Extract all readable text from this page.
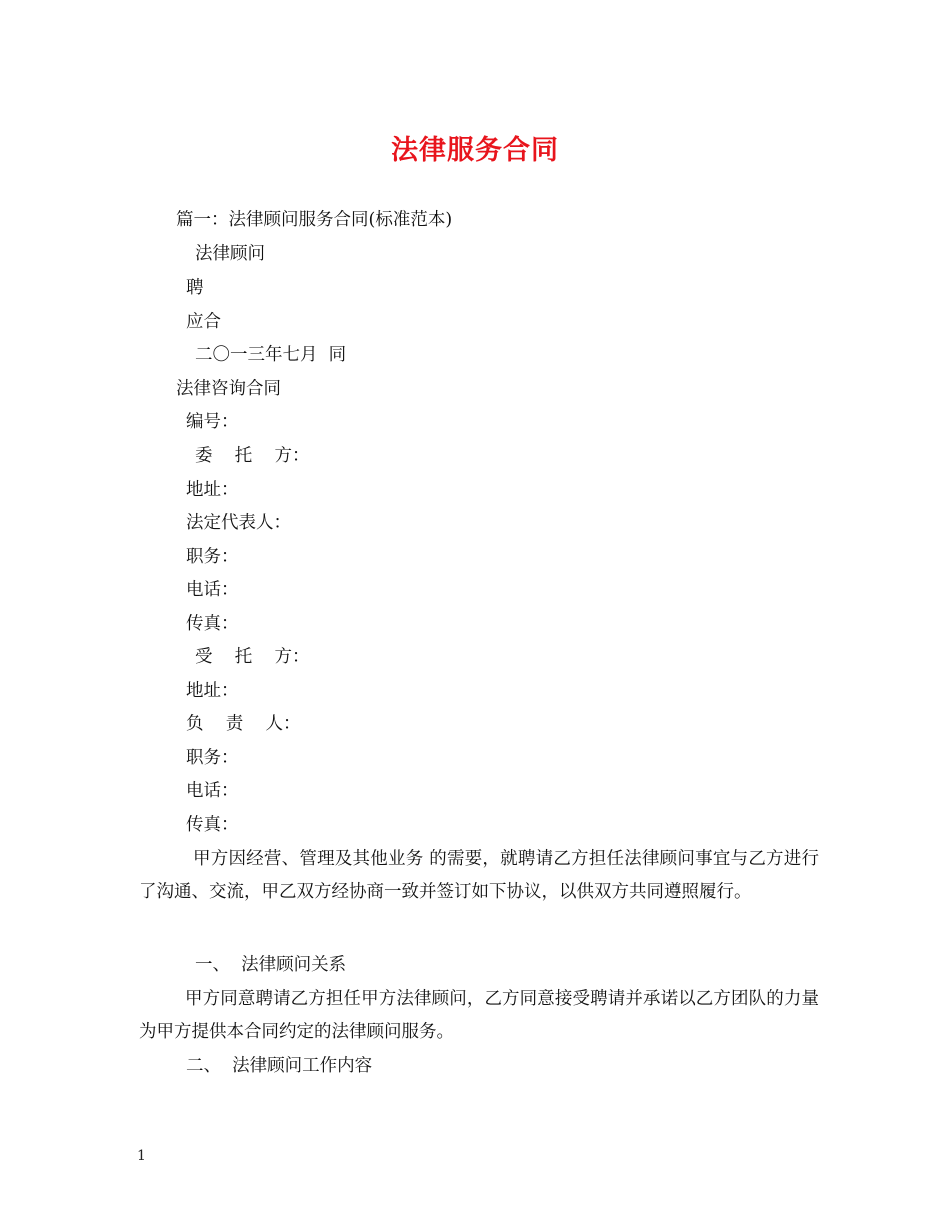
法律服务合同
篇一：法律顾问服务合同(标准范本)
法律顾问
聘
应合
二〇一三年七月  同
法律咨询合同
编号：
委    托    方：
地址：
法定代表人：
职务：
电话：
传真：
受    托    方：
地址：
负    责    人：
职务：
电话：
传真：
甲方因经营、管理及其他业务 的需要，就聘请乙方担任法律顾问事宜与乙方进行了沟通、交流，甲乙双方经协商一致并签订如下协议，以供双方共同遵照履行。
一、  法律顾问关系
甲方同意聘请乙方担任甲方法律顾问，乙方同意接受聘请并承诺以乙方团队的力量为甲方提供本合同约定的法律顾问服务。
二、  法律顾问工作内容
1
